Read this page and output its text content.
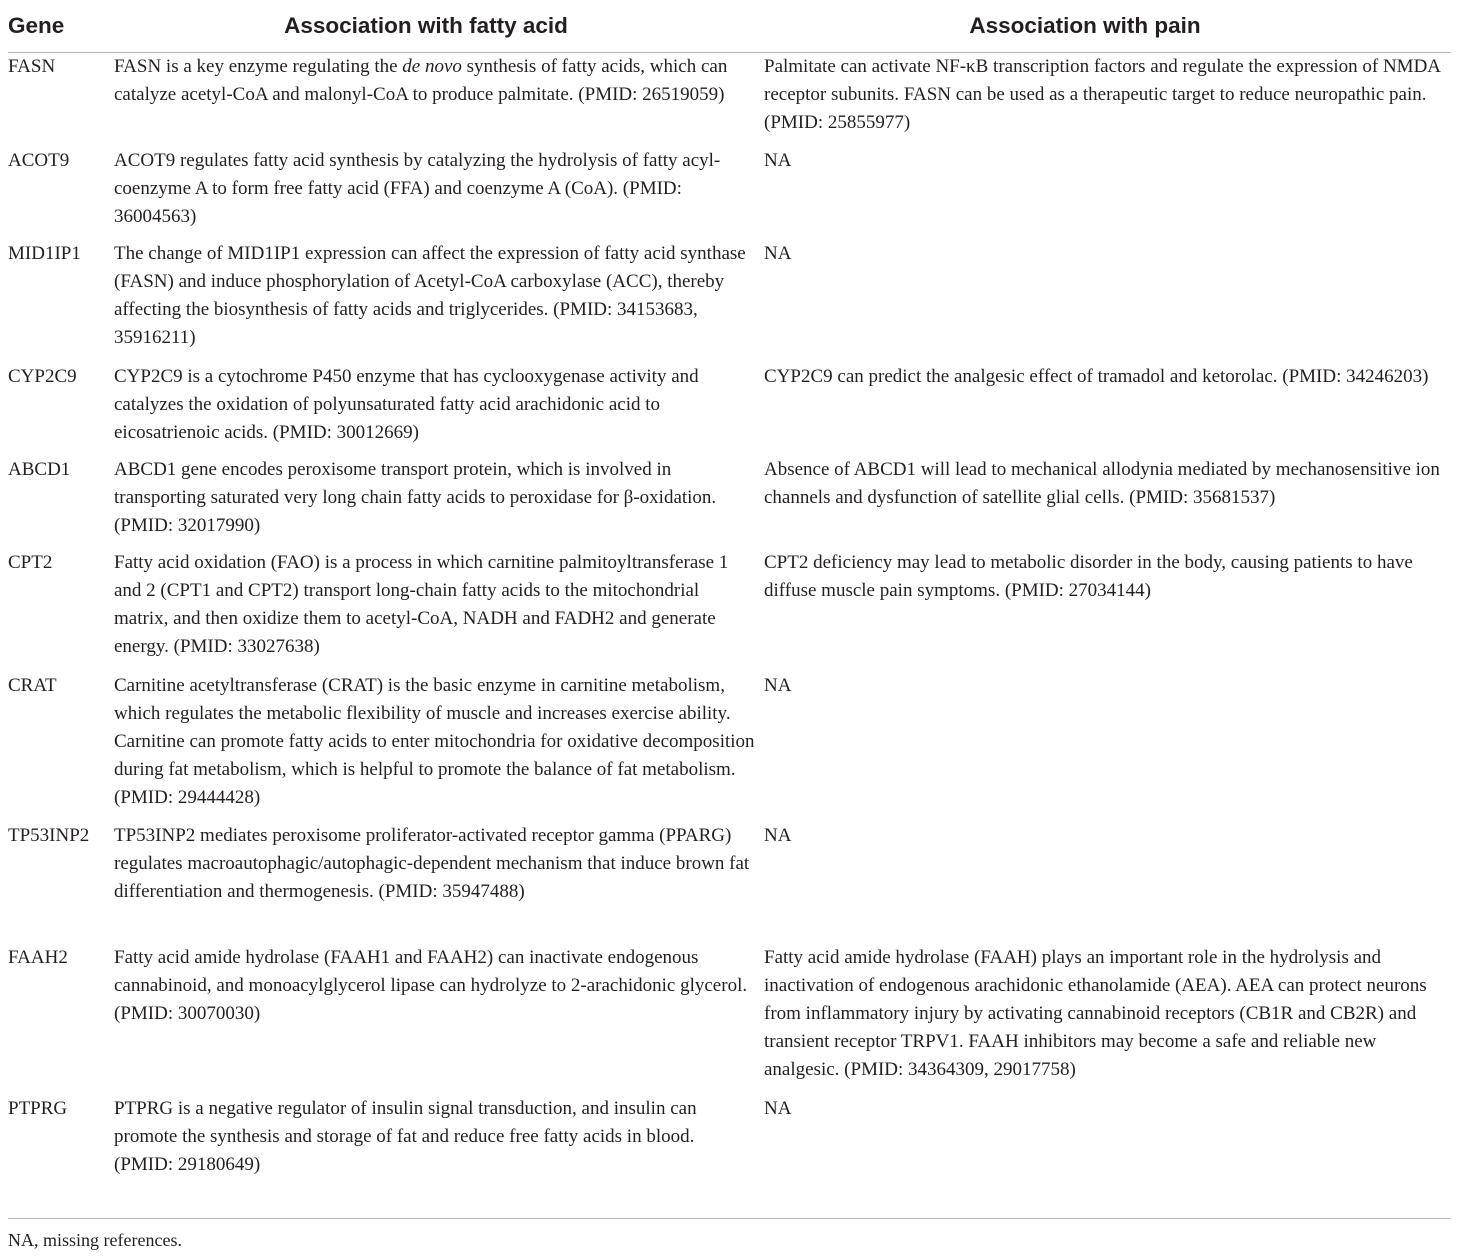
Gene	Association with fatty acid	Association with pain
FASN	FASN is a key enzyme regulating the de novo synthesis of fatty acids, which can catalyze acetyl-CoA and malonyl-CoA to produce palmitate. (PMID: 26519059)	Palmitate can activate NF-κB transcription factors and regulate the expression of NMDA receptor subunits. FASN can be used as a therapeutic target to reduce neuropathic pain. (PMID: 25855977)
ACOT9	ACOT9 regulates fatty acid synthesis by catalyzing the hydrolysis of fatty acyl-coenzyme A to form free fatty acid (FFA) and coenzyme A (CoA). (PMID: 36004563)	NA
MID1IP1	The change of MID1IP1 expression can affect the expression of fatty acid synthase (FASN) and induce phosphorylation of Acetyl-CoA carboxylase (ACC), thereby affecting the biosynthesis of fatty acids and triglycerides. (PMID: 34153683, 35916211)	NA
CYP2C9	CYP2C9 is a cytochrome P450 enzyme that has cyclooxygenase activity and catalyzes the oxidation of polyunsaturated fatty acid arachidonic acid to eicosatrienoic acids. (PMID: 30012669)	CYP2C9 can predict the analgesic effect of tramadol and ketorolac. (PMID: 34246203)
ABCD1	ABCD1 gene encodes peroxisome transport protein, which is involved in transporting saturated very long chain fatty acids to peroxidase for β-oxidation. (PMID: 32017990)	Absence of ABCD1 will lead to mechanical allodynia mediated by mechanosensitive ion channels and dysfunction of satellite glial cells. (PMID: 35681537)
CPT2	Fatty acid oxidation (FAO) is a process in which carnitine palmitoyltransferase 1 and 2 (CPT1 and CPT2) transport long-chain fatty acids to the mitochondrial matrix, and then oxidize them to acetyl-CoA, NADH and FADH2 and generate energy. (PMID: 33027638)	CPT2 deficiency may lead to metabolic disorder in the body, causing patients to have diffuse muscle pain symptoms. (PMID: 27034144)
CRAT	Carnitine acetyltransferase (CRAT) is the basic enzyme in carnitine metabolism, which regulates the metabolic flexibility of muscle and increases exercise ability. Carnitine can promote fatty acids to enter mitochondria for oxidative decomposition during fat metabolism, which is helpful to promote the balance of fat metabolism. (PMID: 29444428)	NA
TP53INP2	TP53INP2 mediates peroxisome proliferator-activated receptor gamma (PPARG) regulates macroautophagic/autophagic-dependent mechanism that induce brown fat differentiation and thermogenesis. (PMID: 35947488)	NA
FAAH2	Fatty acid amide hydrolase (FAAH1 and FAAH2) can inactivate endogenous cannabinoid, and monoacylglycerol lipase can hydrolyze to 2-arachidonic glycerol. (PMID: 30070030)	Fatty acid amide hydrolase (FAAH) plays an important role in the hydrolysis and inactivation of endogenous arachidonic ethanolamide (AEA). AEA can protect neurons from inflammatory injury by activating cannabinoid receptors (CB1R and CB2R) and transient receptor TRPV1. FAAH inhibitors may become a safe and reliable new analgesic. (PMID: 34364309, 29017758)
PTPRG	PTPRG is a negative regulator of insulin signal transduction, and insulin can promote the synthesis and storage of fat and reduce free fatty acids in blood. (PMID: 29180649)	NA
NA, missing references.
